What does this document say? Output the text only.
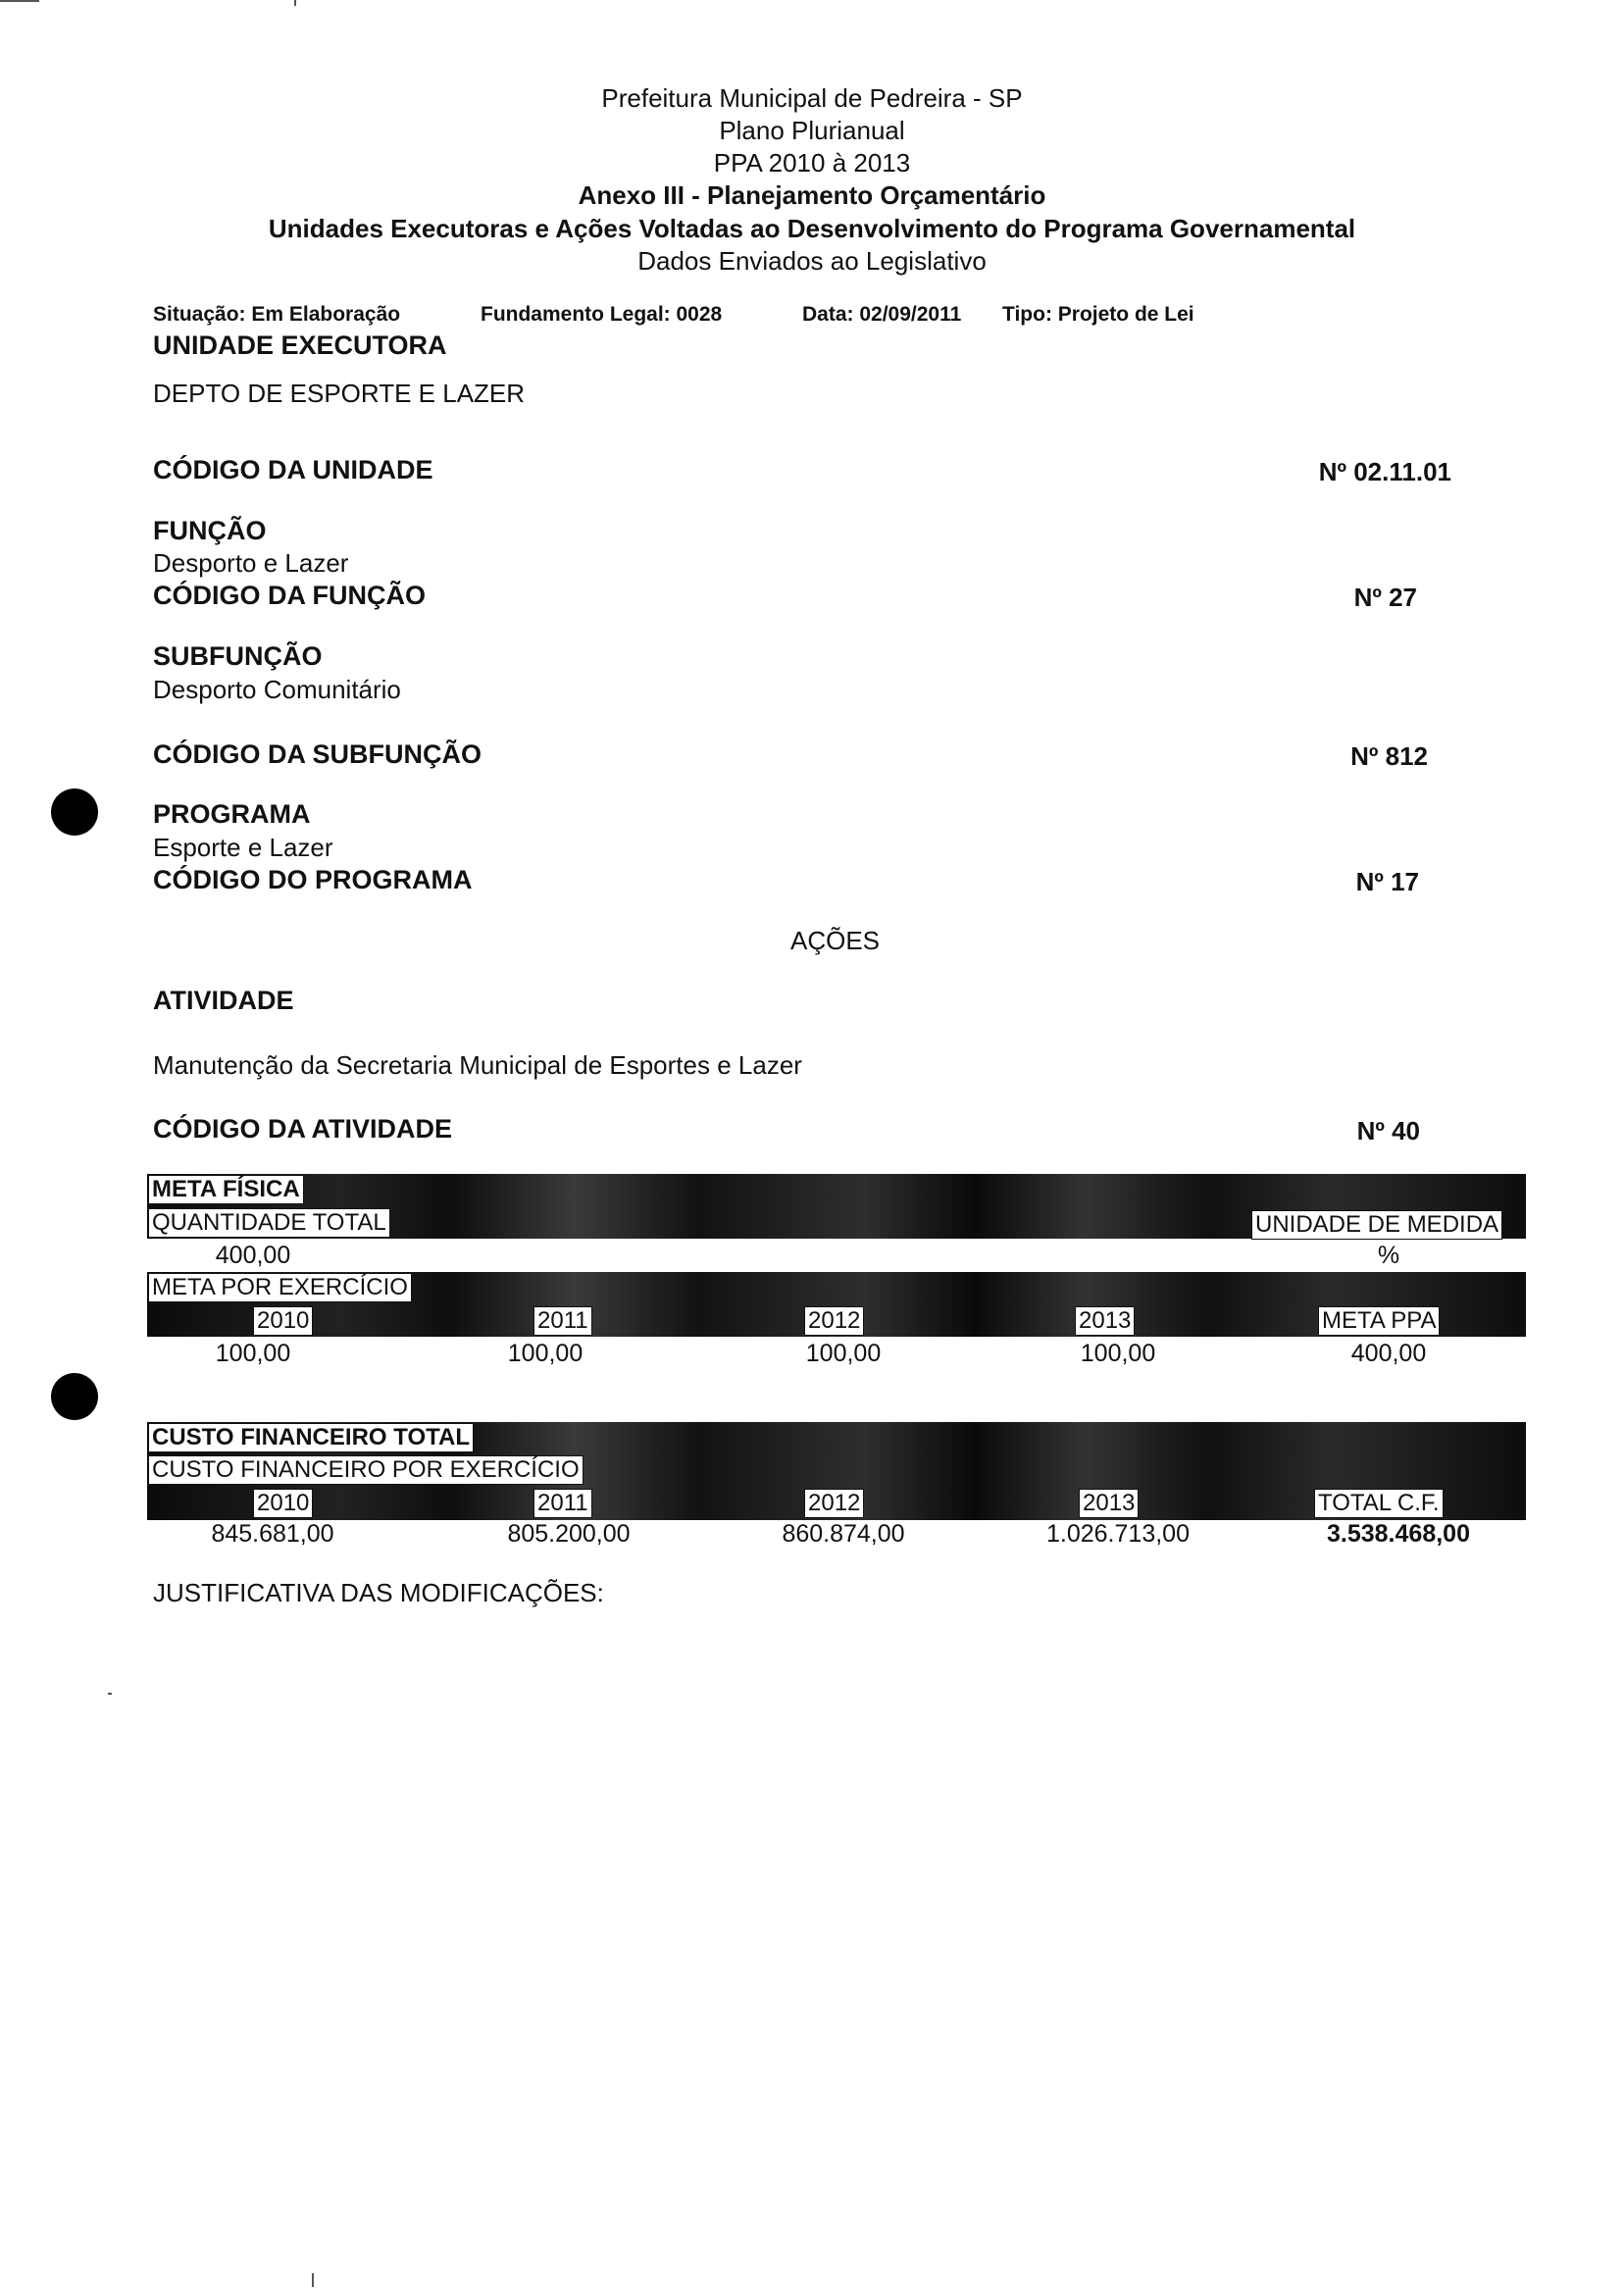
Prefeitura Municipal de Pedreira - SP
Plano Plurianual
PPA 2010 à 2013
Anexo III - Planejamento Orçamentário
Unidades Executoras e Ações Voltadas ao Desenvolvimento do Programa Governamental
Dados Enviados ao Legislativo
Situação: Em Elaboração	Fundamento Legal: 0028	Data: 02/09/2011 Tipo: Projeto de Lei
UNIDADE EXECUTORA
DEPTO DE ESPORTE E LAZER
CÓDIGO DA UNIDADE	Nº 02.11.01
FUNÇÃO
Desporto e Lazer
CÓDIGO DA FUNÇÃO	Nº 27
SUBFUNÇÃO
Desporto Comunitário
CÓDIGO DA SUBFUNÇÃO	Nº 812
PROGRAMA
Esporte e Lazer
CÓDIGO DO PROGRAMA	Nº 17
AÇÕES
ATIVIDADE
Manutenção da Secretaria Municipal de Esportes e Lazer
CÓDIGO DA ATIVIDADE	Nº 40
META FÍSICA
QUANTIDADE TOTAL	UNIDADE DE MEDIDA
400,00	%
META POR EXERCÍCIO
2010	2011	2012	2013	META PPA
100,00	100,00	100,00	100,00	400,00
CUSTO FINANCEIRO TOTAL
CUSTO FINANCEIRO POR EXERCÍCIO
2010	2011	2012	2013	TOTAL C.F.
845.681,00	805.200,00	860.874,00	1.026.713,00	3.538.468,00
JUSTIFICATIVA DAS MODIFICAÇÕES:
